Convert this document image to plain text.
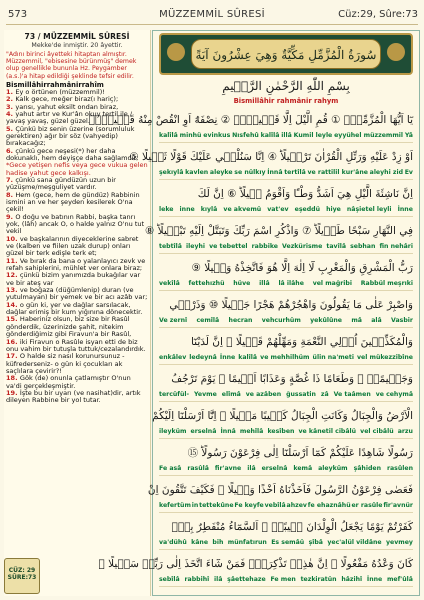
573	MÜZZEMMİL SÛRESİ	Cüz:29, Sûre:73
73 / MÜZZEMMİL SÛRESİ
Mekke'de inmiştir. 20 âyettir.
"Adını birinci âyetteki hitaptan almıştır. Müzzemmil, "ebisesine bürünmüş" demek olup genellikle bununla Hz. Peygamber (a.s.)'a hitap edildiği şeklinde tefsir edilir.
Bismillâhirrahmânirrahîm
1. Ey o örtünen (müzzemmil)!
2. Kalk gece, meğer biraz(ı hariç);
3. yarısı, yahut eksilt ondan biraz,
4. yahut artır ve Kur'ân okuy tertil ile / yavaş yavaş, güzel güzel.
5. Çünkü biz senin üzerine (sorumluluk gerektiren) ağır bir söz (vahyedip) bırakacağız;
6. çünkü gece neşesi(*) her daha dokunaklı, hem deyişçe daha sağlamdır;
*Gece yetişen nefis veya gece vukua gelen hadise yahut gece kalkışı.
7. çünkü sana gündüzün uzun bir yüzüşme/meşguliyet vardır.
8. Hem (gece, hem de gündüz) Rabbinin ismini an ve her şeyden kesilerek O'na çekil!
9. O doğu ve batının Rabbi, başka tanrı yok, (lâh) ancak O, o halde yalnız O'nu tut vekil
10. ve başkalarının diyeceklerine sabret ve (kalben ve fiilen uzak durup) onları güzel bir terk edişle terk et;
11. Ve bırak da bana o yalanlayıcı zevk ve refah sahiplerini, mühlet ver onlara biraz;
12. çünkü bizim yanımızda bukağılar var ve bir ateş var
13. ve boğaza (düğümlenip) duran (ve yutulmayan) bir yemek ve bir acı azâb var;
14. o gün ki, yer ve dağlar sarsılacak, dağlar erimiş bir kum yığınına dönecektir.
15. Haberiniz olsun, biz size bir Rasûl gönderdik, üzerinizde şahit, nitekim gönderdiğimiz gibi Firavun'a bir Rasûl,
16. iki Firavun o Rasûle isyan etti de biz onu vahim bir tutuşla tuttuk/cezalandırdık.
17. O halde siz nasıl korunursunuz -küfrederseniz- o gün ki çocukları ak saçlılara çevirir?!
18. Gök (de) onunla çatlamıştır O'nun va'di gerçekleşmiştir.
19. İşte bu bir uyarı (ve nasihat)dir, artık dileyen Rabbine bir yol tutar.
CÜZ: 29
SÛRE:73
سُورَةُ الْمُزَّمِّلِ مَكِّيَّةٌ وَهِيَ عِشْرُونَ آيَةً
بِسْمِ اللّٰهِ الرَّحْمٰنِ الرَّح۪يمِ
Bismillâhir rahmânir rahym
يَٓا اَيُّهَا الْمُزَّمِّلُۙ ① قُمِ الَّيْلَ اِلَّا قَل۪يلًاۙ ② نِصْفَهُٓ اَوِ انْقُصْ مِنْهُ قَل۪يلًاۙ
kalîlâ minhü evinkus Nısfehû kalîlâ illâ Kumil leyle eyyühel müzzemmil Yâ
اَوْ زِدْ عَلَيْهِ وَرَتِّلِ الْقُرْاٰنَ تَرْت۪يلًاؕ ④ اِنَّا سَنُلْق۪ي عَلَيْكَ قَوْلًا ثَق۪يلًا ⑤
şekıylâ kavlen aleyke se nülkıy İnnâ tertîlâ ve rattilil kur'âne aleyhi zid Ev
اِنَّ نَاشِئَةَ الَّيْلِ هِيَ اَشَدُّ وَطْـًٔا وَاَقْوَمُ ق۪يلًاؕ ⑥ اِنَّ لَكَ
leke inne kıylâ ve akvemü vat'ev eşeddü hiye nâşietel leyli İnne
فِي النَّهَارِ سَبْحًا طَو۪يلًاؕ ⑦ وَاذْكُرِ اسْمَ رَبِّكَ وَتَبَتَّلْ اِلَيْهِ تَبْت۪يلًاؕ ⑧
tebtîlâ ileyhi ve tebettel rabbike Vezkürisme tavîlâ sebhan fin nehâri
رَبُّ الْمَشْرِقِ وَالْمَغْرِبِ لَٓا اِلٰهَ اِلَّا هُوَ فَاتَّخِذْهُ وَك۪يلًا ⑨
vekîlâ fettehızhü hüve illâ lâ ilâhe vel mağribi Rabbül meşrıki
وَاصْبِرْ عَلٰى مَا يَقُولُونَ وَاهْجُرْهُمْ هَجْرًا جَم۪يلًا ⑩ وَذَرْن۪ي
Ve zernî cemîlâ hecran vehcurhüm yekûlûne mâ alâ Vasbir
وَالْمُكَذِّب۪ينَ اُو۬لِي النَّعْمَةِ وَمَهِّلْهُمْ قَل۪يلًا ⑪ اِنَّ لَدَيْنَٓا
enkâlev ledeynâ İnne kalîlâ ve mehhilhüm ülin na'meti vel mükezzibîne
وَجَح۪يمًاۙ ⑫ وَطَعَامًا ذَا غُصَّةٍ وَعَذَابًا اَل۪يمًا ⑬ يَوْمَ تَرْجُفُ
tercüfül- Yevme elîmâ ve azâben ğussatin zâ Ve taâmen ve cehymâ
الْاَرْضُ وَالْجِبَالُ وَكَانَتِ الْجِبَالُ كَث۪يبًا مَه۪يلًا ⑭ اِنَّٓا اَرْسَلْنَٓا اِلَيْكُمْ
ileyküm erselnâ İnnâ mehîlâ kesîben ve kânetil cibâlü vel cibâlü arzu
رَسُولًا شَاهِدًا عَلَيْكُمْ كَمَٓا اَرْسَلْنَٓا اِلٰى فِرْعَوْنَ رَسُولًاؕ ⑮
Fe asâ rasûlâ fir'avne ilâ erselnâ kemâ aleyküm şâhiden rasûlen
فَعَصٰى فِرْعَوْنُ الرَّسُولَ فَاَخَذْنَاهُ اَخْذًا وَب۪يلًا ⑯ فَكَيْفَ تَتَّقُونَ اِنْ
kefertüm in tettekûne Fe keyfe vebîlâ ahzev fe ehaznâhü er rasûle fir'avnür
كَفَرْتُمْ يَوْمًا يَجْعَلُ الْوِلْدَانَ ش۪يبًاۗ ⑰ اَلسَّمَٓاءُ مُنْفَطِرٌ بِه۪ؕ
va'dühû kâne bih münfatırun Es semâü şîbâ yec'alül vildâne yevmey
كَانَ وَعْدُهُ مَفْعُولًا ⑱ اِنَّ هٰذِه۪ تَذْكِرَةٌۚ فَمَنْ شَٓاءَ اتَّخَذَ اِلٰى رَبِّه۪ سَب۪يلًا ⑲
sebîlâ rabbihî ilâ şâettehaze Fe men tezkiratün hâzihî İnne mef'ûlâ
